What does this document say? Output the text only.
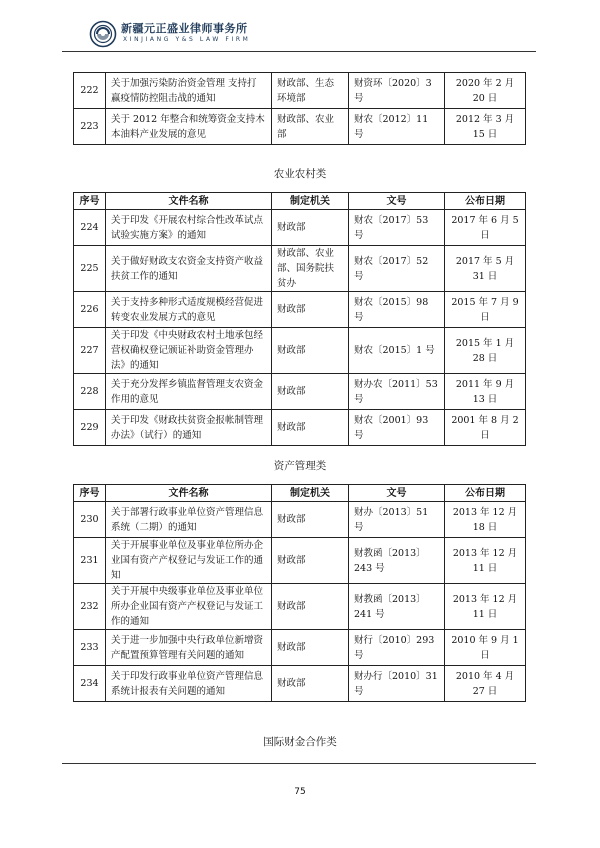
新疆元正盛业律师事务所
XINJIANG Y&S LAW FIRM
222	关于加强污染防治资金管理 支持打赢疫情防控阻击战的通知	财政部、生态环境部	财资环〔2020〕3 号	2020 年 2 月 20 日
223	关于 2012 年整合和统筹资金支持木本油料产业发展的意见	财政部、农业部	财农〔2012〕11 号	2012 年 3 月 15 日
农业农村类
序号	文件名称	制定机关	文号	公布日期
224	关于印发《开展农村综合性改革试点试验实施方案》的通知	财政部	财农〔2017〕53 号	2017 年 6 月 5 日
225	关于做好财政支农资金支持资产收益扶贫工作的通知	财政部、农业部、国务院扶贫办	财农〔2017〕52 号	2017 年 5 月 31 日
226	关于支持多种形式适度规模经营促进转变农业发展方式的意见	财政部	财农〔2015〕98 号	2015 年 7 月 9 日
227	关于印发《中央财政农村土地承包经营权确权登记颁证补助资金管理办法》的通知	财政部	财农〔2015〕1 号	2015 年 1 月 28 日
228	关于充分发挥乡镇监督管理支农资金作用的意见	财政部	财办农〔2011〕53 号	2011 年 9 月 13 日
229	关于印发《财政扶贫资金报帐制管理办法》（试行）的通知	财政部	财农〔2001〕93 号	2001 年 8 月 2 日
资产管理类
序号	文件名称	制定机关	文号	公布日期
230	关于部署行政事业单位资产管理信息系统（二期）的通知	财政部	财办〔2013〕51 号	2013 年 12 月 18 日
231	关于开展事业单位及事业单位所办企业国有资产产权登记与发证工作的通知	财政部	财教函〔2013〕243 号	2013 年 12 月 11 日
232	关于开展中央级事业单位及事业单位所办企业国有资产产权登记与发证工作的通知	财政部	财教函〔2013〕241 号	2013 年 12 月 11 日
233	关于进一步加强中央行政单位新增资产配置预算管理有关问题的通知	财政部	财行〔2010〕293 号	2010 年 9 月 1 日
234	关于印发行政事业单位资产管理信息系统计报表有关问题的通知	财政部	财办行〔2010〕31 号	2010 年 4 月 27 日
国际财金合作类
75
